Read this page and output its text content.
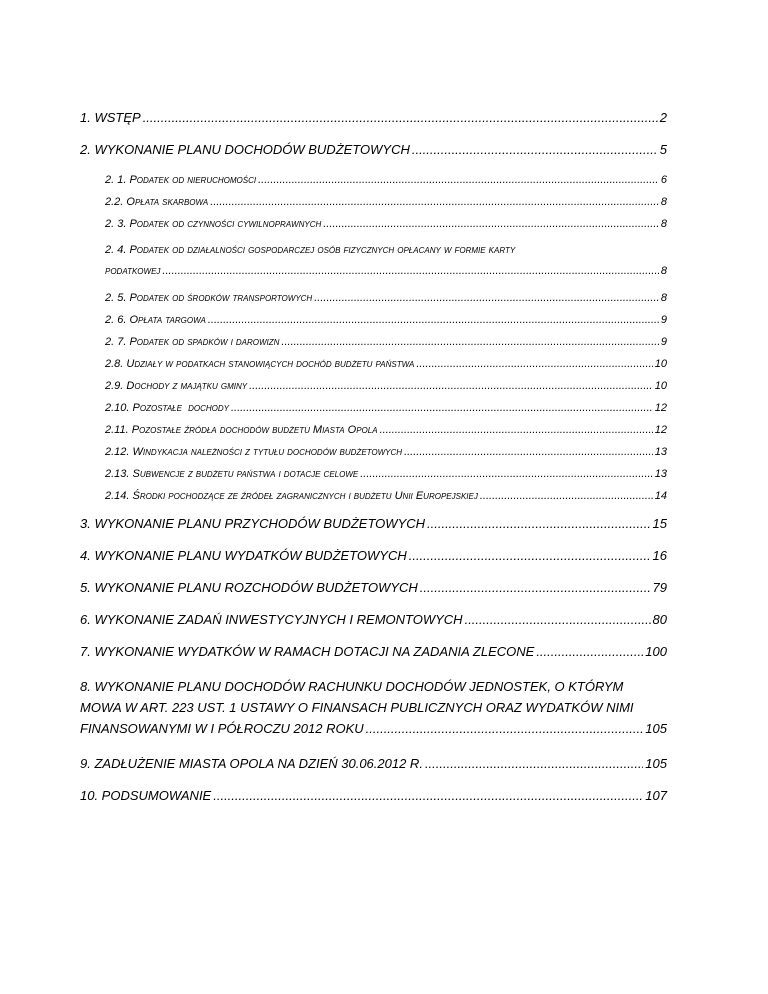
1. WSTĘP .....	2
2. WYKONANIE PLANU DOCHODÓW BUDŻETOWYCH .....	5
2. 1. Podatek od nieruchomości .....	6
2.2. Opłata skarbowa .....	8
2. 3. Podatek od czynności cywilnoprawnych .....	8
2. 4. Podatek od działalności gospodarczej osób fizycznych opłacany w formie karty
podatkowej .....	8
2. 5. Podatek od środków transportowych .....	8
2. 6. Opłata targowa .....	9
2. 7. Podatek od spadków i darowizn .....	9
2.8. Udziały w podatkach stanowiących dochód budżetu państwa .....	10
2.9. Dochody z majątku gminy .....	10
2.10. Pozostałe  dochody .....	12
2.11. Pozostałe źródła dochodów budżetu Miasta Opola .....	12
2.12. Windykacja należności z tytułu dochodów budżetowych .....	13
2.13. Subwencje z budżetu państwa i dotacje celowe .....	13
2.14. Środki pochodzące ze źródeł zagranicznych i budżetu Unii Europejskiej .....	14
3. WYKONANIE PLANU PRZYCHODÓW BUDŻETOWYCH .....	15
4. WYKONANIE PLANU WYDATKÓW BUDŻETOWYCH .....	16
5. WYKONANIE PLANU ROZCHODÓW BUDŻETOWYCH .....	79
6. WYKONANIE ZADAŃ INWESTYCYJNYCH I REMONTOWYCH .....	80
7. WYKONANIE WYDATKÓW W RAMACH DOTACJI NA ZADANIA ZLECONE .....	100
8. WYKONANIE PLANU DOCHODÓW RACHUNKU DOCHODÓW JEDNOSTEK, O KTÓRYM
MOWA W ART. 223 UST. 1 USTAWY O FINANSACH PUBLICZNYCH ORAZ WYDATKÓW NIMI
FINANSOWANYMI W I PÓŁROCZU 2012 ROKU .....	105
9. ZADŁUŻENIE MIASTA OPOLA NA DZIEŃ 30.06.2012 R. .....	105
10. PODSUMOWANIE .....	107
